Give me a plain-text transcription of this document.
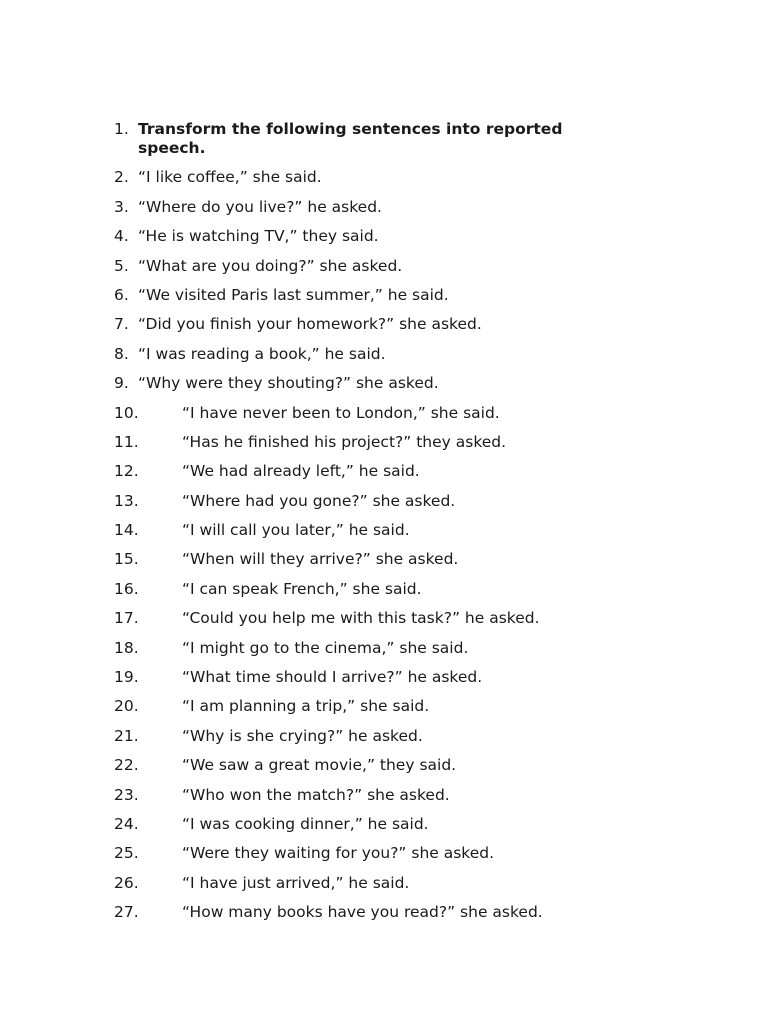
1. Transform the following sentences into reported speech.
2. “I like coffee,” she said.
3. “Where do you live?” he asked.
4. “He is watching TV,” they said.
5. “What are you doing?” she asked.
6. “We visited Paris last summer,” he said.
7. “Did you finish your homework?” she asked.
8. “I was reading a book,” he said.
9. “Why were they shouting?” she asked.
10.	“I have never been to London,” she said.
11.	“Has he finished his project?” they asked.
12.	“We had already left,” he said.
13.	“Where had you gone?” she asked.
14.	“I will call you later,” he said.
15.	“When will they arrive?” she asked.
16.	“I can speak French,” she said.
17.	“Could you help me with this task?” he asked.
18.	“I might go to the cinema,” she said.
19.	“What time should I arrive?” he asked.
20.	“I am planning a trip,” she said.
21.	“Why is she crying?” he asked.
22.	“We saw a great movie,” they said.
23.	“Who won the match?” she asked.
24.	“I was cooking dinner,” he said.
25.	“Were they waiting for you?” she asked.
26.	“I have just arrived,” he said.
27.	“How many books have you read?” she asked.
